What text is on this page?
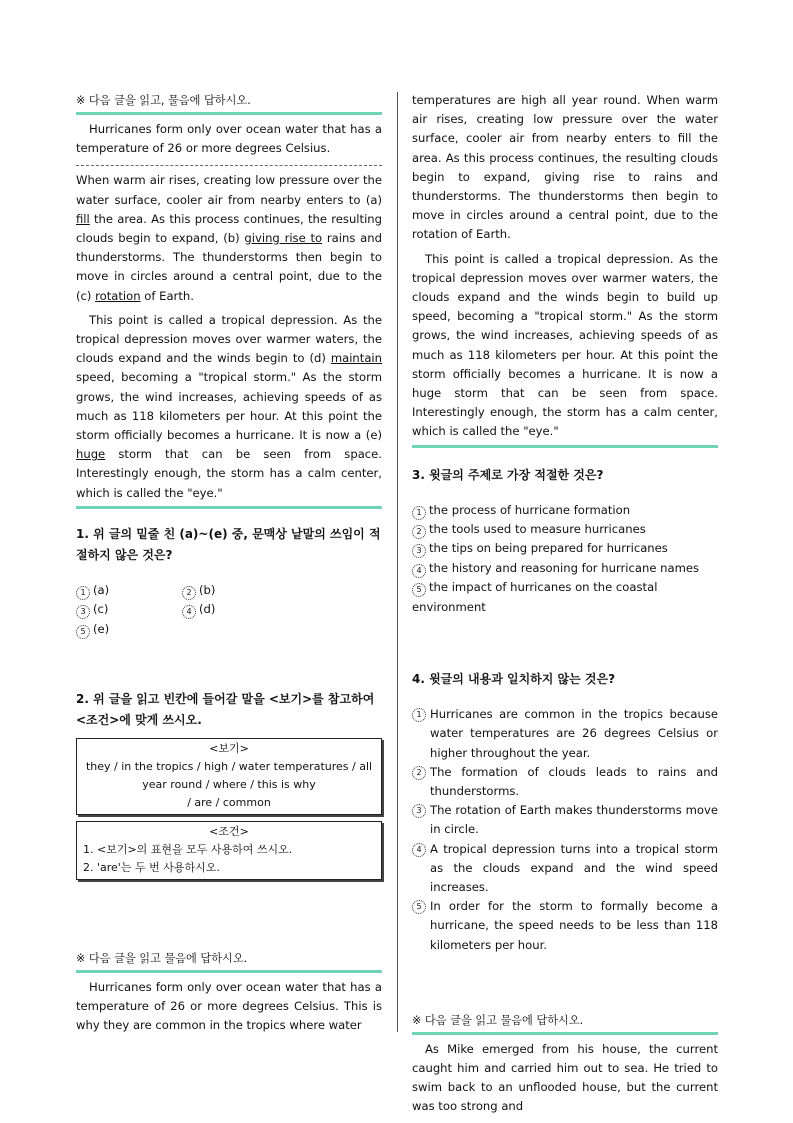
※ 다음 글을 읽고, 물음에 답하시오.

Hurricanes form only over ocean water that has a temperature of 26 or more degrees Celsius.

When warm air rises, creating low pressure over the water surface, cooler air from nearby enters to (a) fill the area. As this process continues, the resulting clouds begin to expand, (b) giving rise to rains and thunderstorms. The thunderstorms then begin to move in circles around a central point, due to the (c) rotation of Earth.

This point is called a tropical depression. As the tropical depression moves over warmer waters, the clouds expand and the winds begin to (d) maintain speed, becoming a "tropical storm." As the storm grows, the wind increases, achieving speeds of as much as 118 kilometers per hour. At this point the storm officially becomes a hurricane. It is now a (e) huge storm that can be seen from space. Interestingly enough, the storm has a calm center, which is called the "eye."

1. 위 글의 밑줄 친 (a)~(e) 중, 문맥상 낱말의 쓰임이 적절하지 않은 것은?
1 (a)	2 (b)
3 (c)	4 (d)
5 (e)
2. 위 글을 읽고 빈칸에 들어갈 말을 <보기>를 참고하여 <조건>에 맞게 쓰시오.
<보기>
they / in the tropics / high / water temperatures / all
year round / where / this is why
/ are / common
<조건>
1. <보기>의 표현을 모두 사용하여 쓰시오.
2. 'are'는 두 번 사용하시오.
※ 다음 글을 읽고 물음에 답하시오.

Hurricanes form only over ocean water that has a temperature of 26 or more degrees Celsius. This is why they are common in the tropics where water

temperatures are high all year round. When warm air rises, creating low pressure over the water surface, cooler air from nearby enters to fill the area. As this process continues, the resulting clouds begin to expand, giving rise to rains and thunderstorms. The thunderstorms then begin to move in circles around a central point, due to the rotation of Earth.

This point is called a tropical depression. As the tropical depression moves over warmer waters, the clouds expand and the winds begin to build up speed, becoming a "tropical storm." As the storm grows, the wind increases, achieving speeds of as much as 118 kilometers per hour. At this point the storm officially becomes a hurricane. It is now a huge storm that can be seen from space. Interestingly enough, the storm has a calm center, which is called the "eye."

3. 윗글의 주제로 가장 적절한 것은?
1 the process of hurricane formation
2 the tools used to measure hurricanes
3 the tips on being prepared for hurricanes
4 the history and reasoning for hurricane names
5 the impact of hurricanes on the coastal environment
4. 윗글의 내용과 일치하지 않는 것은?
1 Hurricanes are common in the tropics because water temperatures are 26 degrees Celsius or higher throughout the year.
2 The formation of clouds leads to rains and thunderstorms.
3 The rotation of Earth makes thunderstorms move in circle.
4 A tropical depression turns into a tropical storm as the clouds expand and the wind speed increases.
5 In order for the storm to formally become a hurricane, the speed needs to be less than 118 kilometers per hour.
※ 다음 글을 읽고 물음에 답하시오.

As Mike emerged from his house, the current caught him and carried him out to sea. He tried to swim back to an unflooded house, but the current was too strong and
